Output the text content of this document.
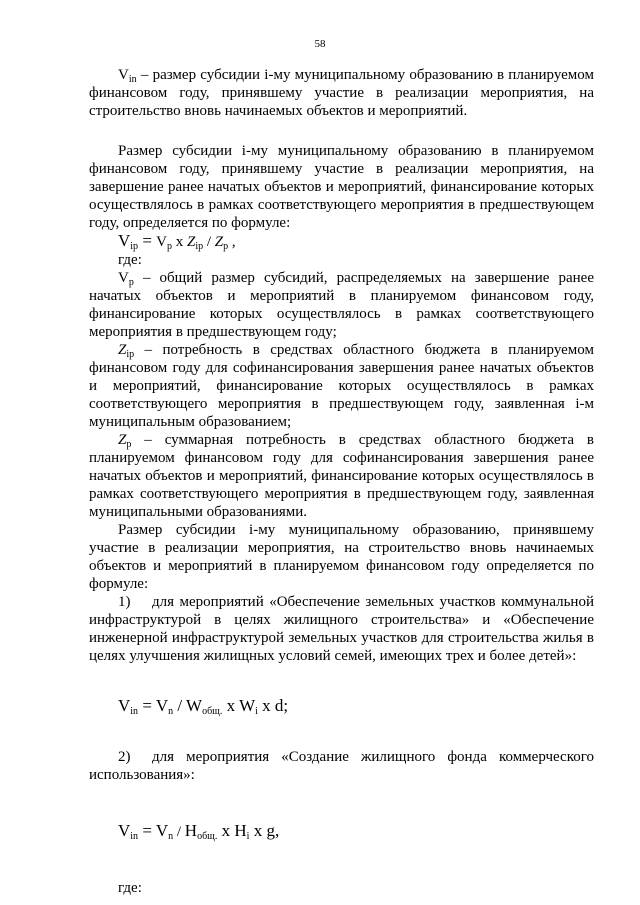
58

$V_{in}$ – размер субсидии i-му муниципальному образованию в планируемом финансовом году, принявшему участие в реализации мероприятия, на строительство вновь начинаемых объектов и мероприятий.

Размер субсидии i-му муниципальному образованию в планируемом финансовом году, принявшему участие в реализации мероприятия, на завершение ранее начатых объектов и мероприятий, финансирование которых осуществлялось в рамках соответствующего мероприятия в предшествующем году, определяется по формуле:

$V_{ip} = V_p$ x $Z_{ip} / Z_p$ ,

где:

$V_p$ – общий размер субсидий, распределяемых на завершение ранее начатых объектов и мероприятий в планируемом финансовом году, финансирование которых осуществлялось в рамках соответствующего мероприятия в предшествующем году;

$Z_{ip}$ – потребность в средствах областного бюджета в планируемом финансовом году для софинансирования завершения ранее начатых объектов и мероприятий, финансирование которых осуществлялось в рамках соответствующего мероприятия в предшествующем году, заявленная i-м муниципальным образованием;

$Z_p$ – суммарная потребность в средствах областного бюджета в планируемом финансовом году для софинансирования завершения ранее начатых объектов и мероприятий, финансирование которых осуществлялось в рамках соответствующего мероприятия в предшествующем году, заявленная муниципальными образованиями.

Размер субсидии i-му муниципальному образованию, принявшему участие в реализации мероприятия, на строительство вновь начинаемых объектов и мероприятий в планируемом финансовом году определяется по формуле:

1) для мероприятий «Обеспечение земельных участков коммунальной инфраструктурой в целях жилищного строительства» и «Обеспечение инженерной инфраструктурой земельных участков для строительства жилья в целях улучшения жилищных условий семей, имеющих трех и более детей»:

$V_{in} = V_n / W_{общ.}$ x $W_i$ x d;

2) для мероприятия «Создание жилищного фонда коммерческого использования»:

$V_{in} = V_n / H_{общ.}$ x $H_i$ x g,

где:
